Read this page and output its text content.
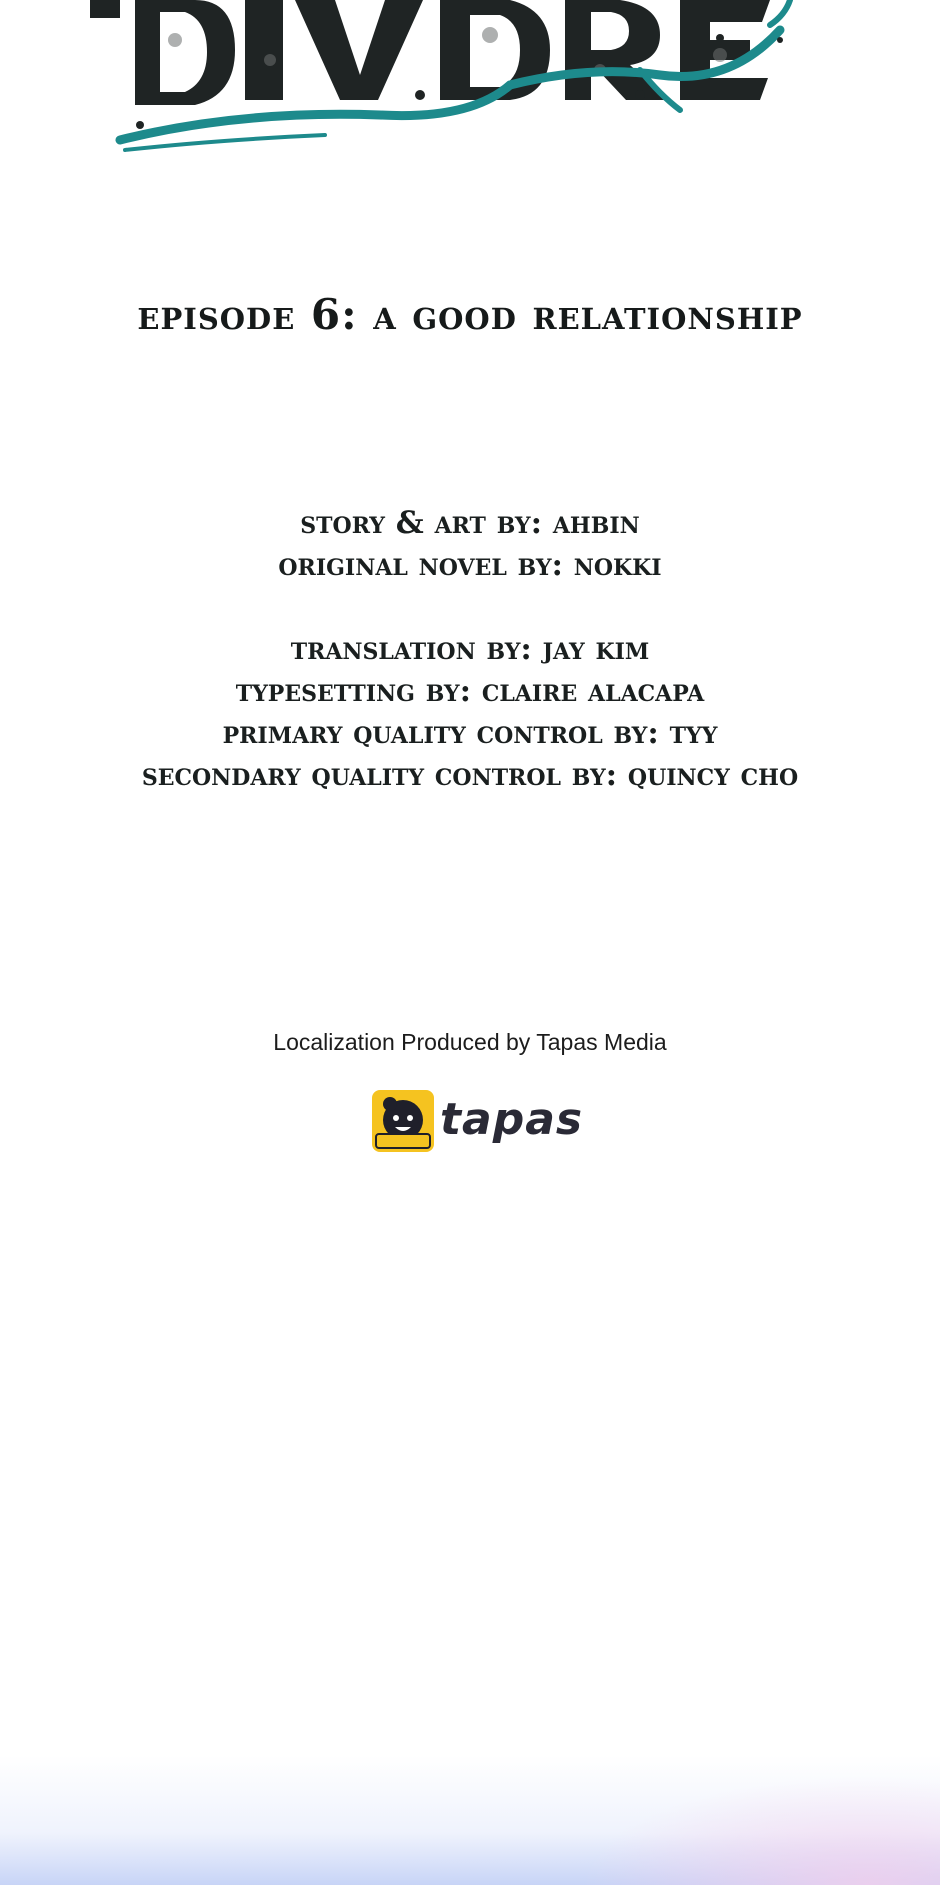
episode 6: a good relationship
story & art by: ahbin
original novel by: nokki
translation by: jay kim
typesetting by: claire alacapa
primary quality control by: tyy
secondary quality control by: quincy cho
Localization Produced by Tapas Media
tapas
